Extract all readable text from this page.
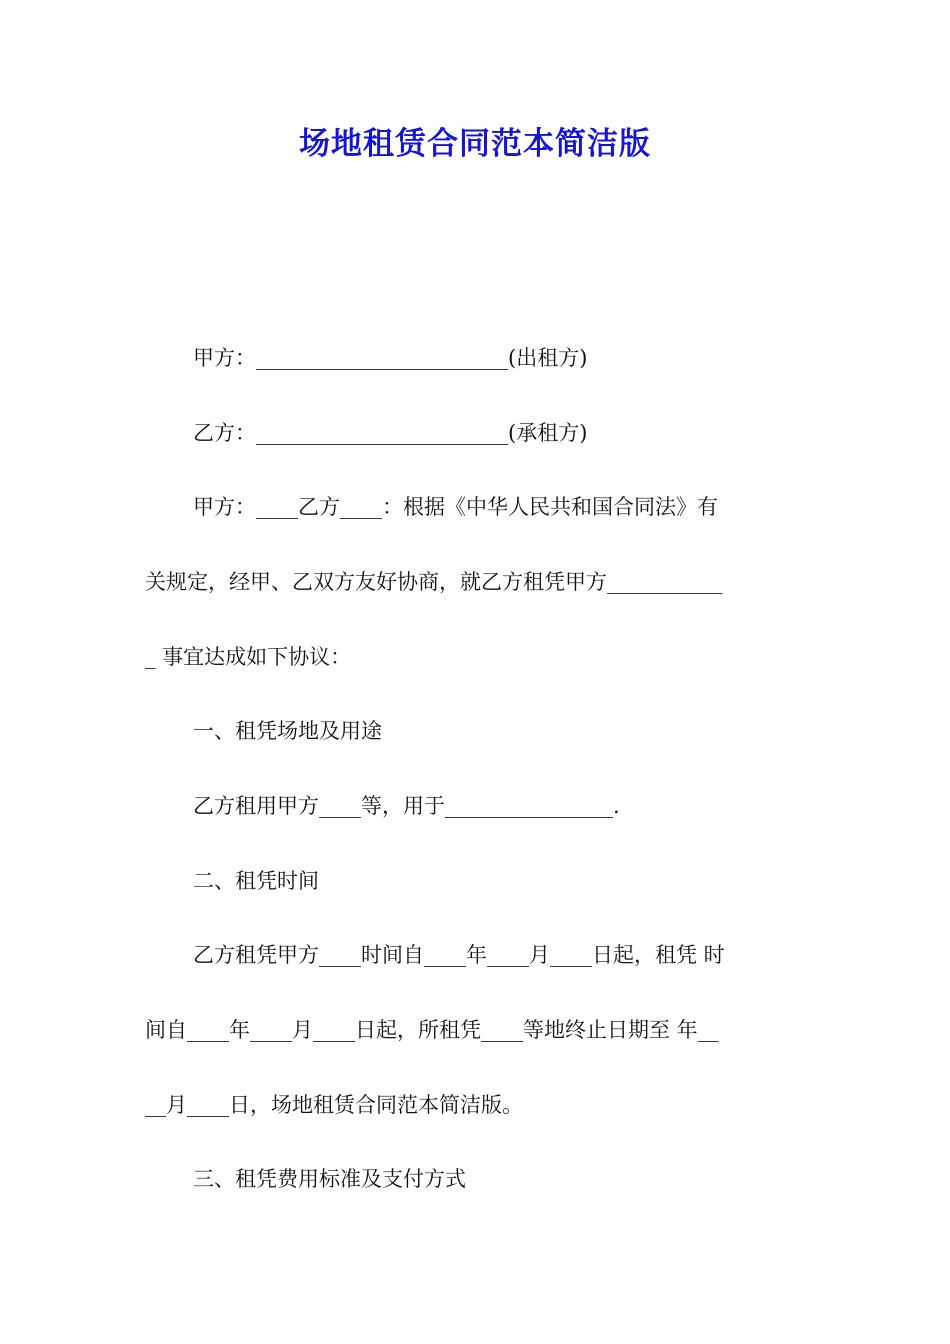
场地租赁合同范本简洁版
甲方：________________________(出租方)
乙方：________________________(承租方)
甲方：____乙方____：根据《中华人民共和国合同法》有
关规定，经甲、乙双方友好协商，就乙方租凭甲方___________
_ 事宜达成如下协议：
一、租凭场地及用途
乙方租用甲方____等，用于________________.
二、租凭时间
乙方租凭甲方____时间自____年____月____日起，租凭 时
间自____年____月____日起，所租凭____等地终止日期至 年__
__月____日，场地租赁合同范本简洁版。
三、租凭费用标准及支付方式
